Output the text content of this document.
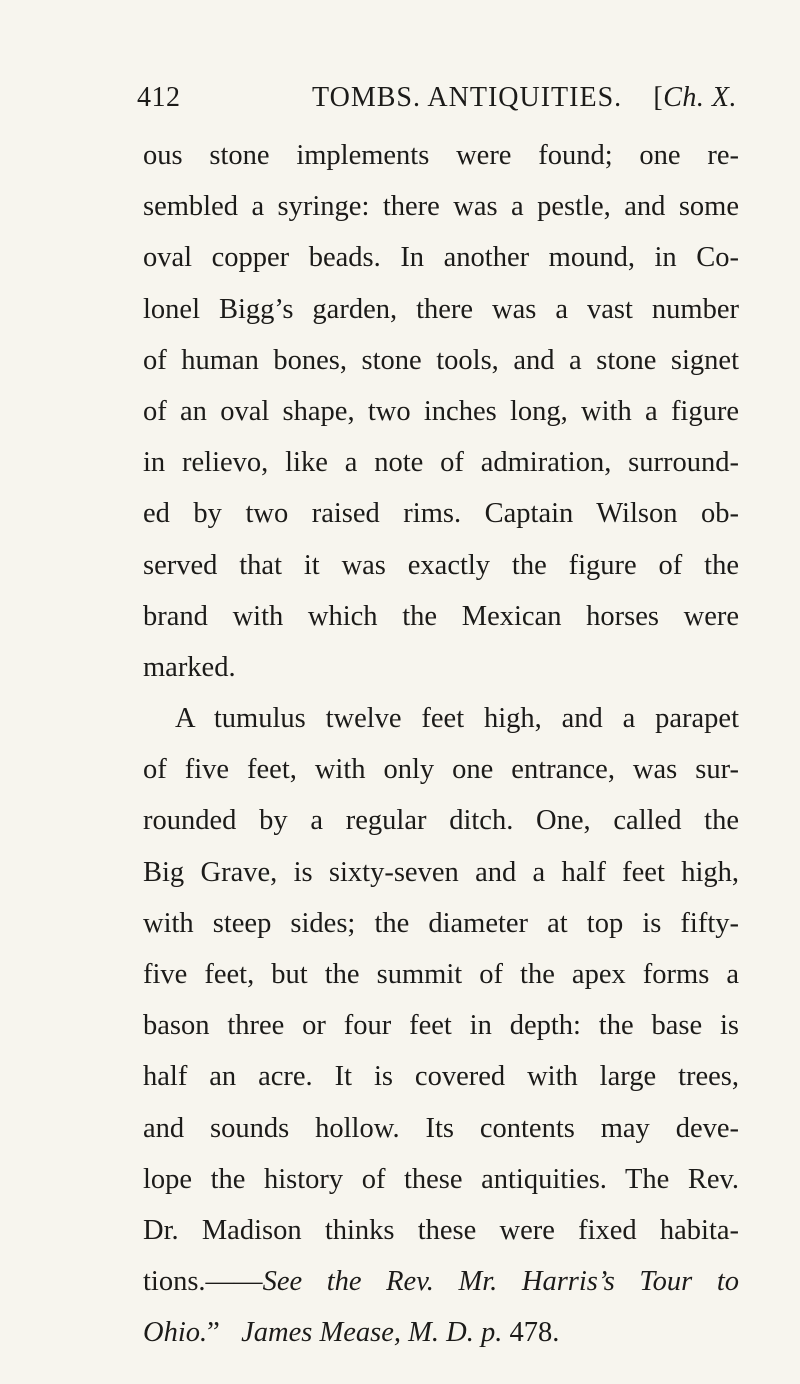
412	TOMBS. ANTIQUITIES. [Ch. X.
ous stone implements were found; one re-
sembled a syringe: there was a pestle, and some
oval copper beads. In another mound, in Co-
lonel Bigg’s garden, there was a vast number
of human bones, stone tools, and a stone signet
of an oval shape, two inches long, with a figure
in relievo, like a note of admiration, surround-
ed by two raised rims. Captain Wilson ob-
served that it was exactly the figure of the
brand with which the Mexican horses were
marked.
A tumulus twelve feet high, and a parapet
of five feet, with only one entrance, was sur-
rounded by a regular ditch. One, called the
Big Grave, is sixty-seven and a half feet high,
with steep sides; the diameter at top is fifty-
five feet, but the summit of the apex forms a
bason three or four feet in depth: the base is
half an acre. It is covered with large trees,
and sounds hollow. Its contents may deve-
lope the history of these antiquities. The Rev.
Dr. Madison thinks these were fixed habita-
tions.——See the Rev. Mr. Harris’s Tour to
Ohio.” James Mease, M. D. p. 478.
